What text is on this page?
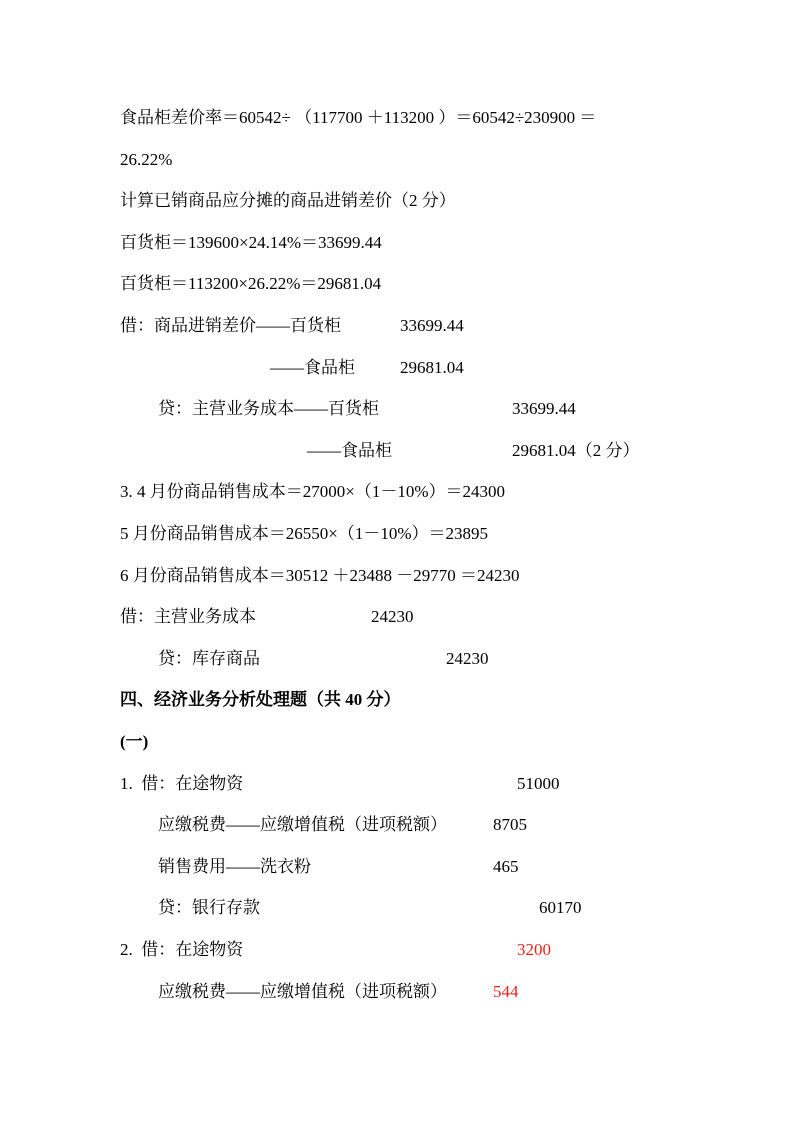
食品柜差价率＝60542÷ （117700 ＋113200 ）＝60542÷230900 ＝
26.22%
计算已销商品应分摊的商品进销差价（2 分）
百货柜＝139600×24.14%＝33699.44
百货柜＝113200×26.22%＝29681.04
借：商品进销差价——百货柜	33699.44
——食品柜	29681.04
贷：主营业务成本——百货柜	33699.44
——食品柜	29681.04（2 分）
3. 4 月份商品销售成本＝27000×（1－10%）＝24300
5 月份商品销售成本＝26550×（1－10%）＝23895
6 月份商品销售成本＝30512 ＋23488 －29770 ＝24230
借：主营业务成本	24230
贷：库存商品	24230
四、经济业务分析处理题（共 40 分）
(一)
1.  借：在途物资	51000
应缴税费——应缴增值税（进项税额）	8705
销售费用——洗衣粉	465
贷：银行存款	60170
2.  借：在途物资	3200
应缴税费——应缴增值税（进项税额）	544
